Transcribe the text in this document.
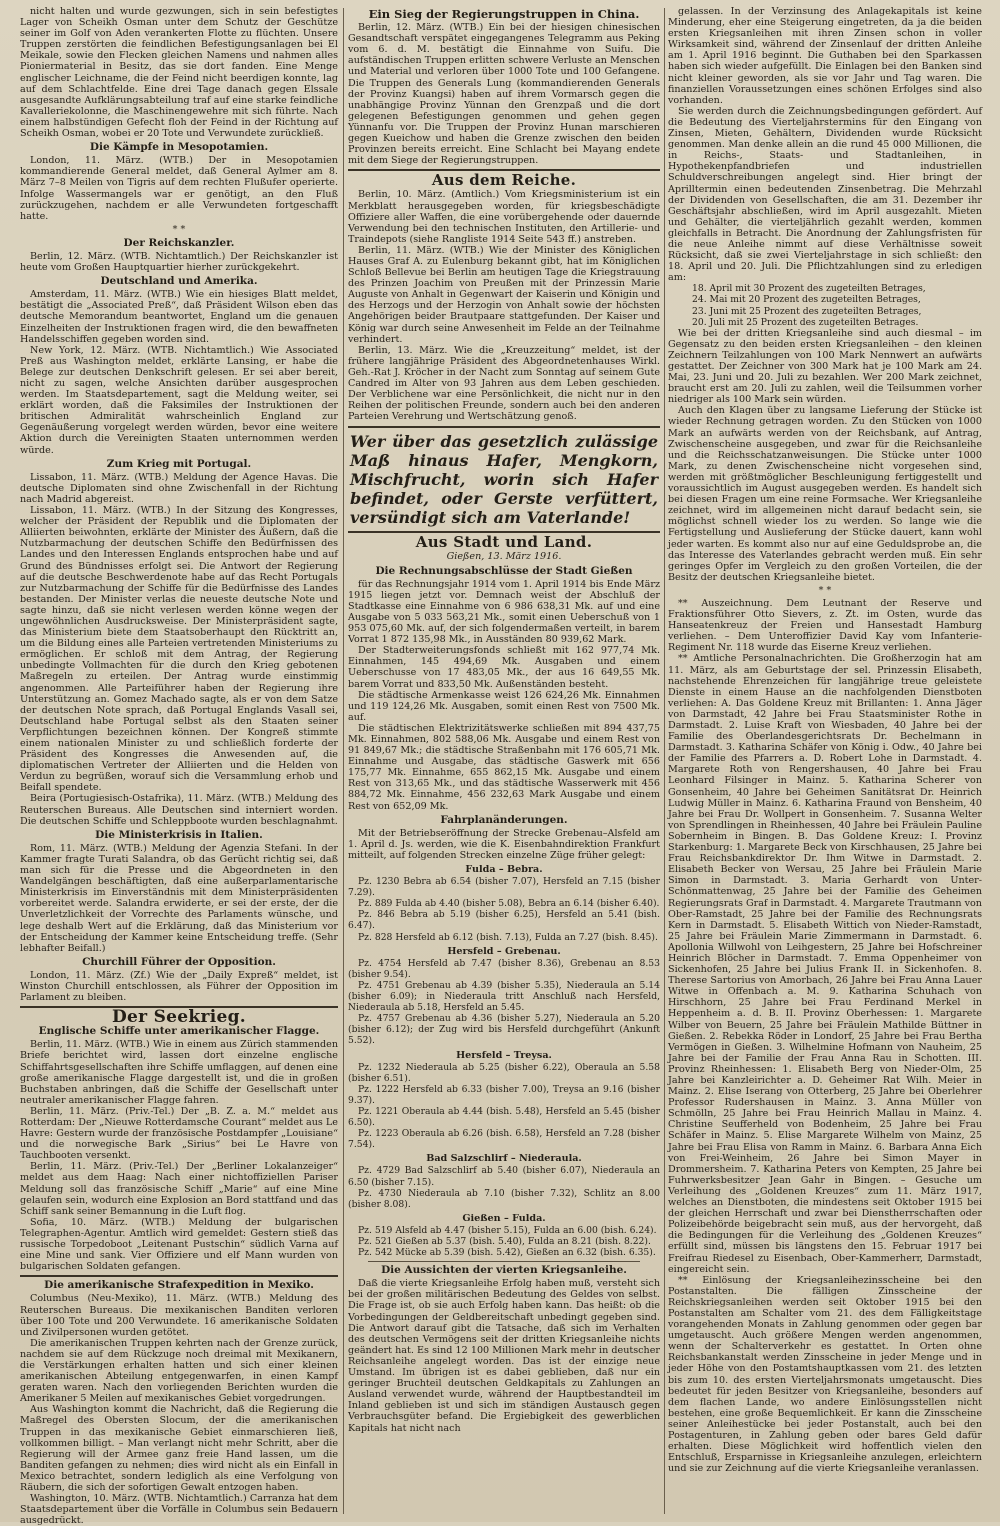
nicht halten und wurde gezwungen, sich in sein befestigtes Lager von Scheikh Osman unter dem Schutz der Geschütze seiner im Golf von Aden verankerten Flotte zu flüchten. Unsere Truppen zerstörten die feindlichen Befestigungsanlagen bei El Meikale, sowie den Flecken gleichen Namens und nahmen alles Pioniermaterial in Besitz, das sie dort fanden. Eine Menge englischer Leichname, die der Feind nicht beerdigen konnte, lag auf dem Schlachtfelde. Eine drei Tage danach gegen Elssale ausgesandte Aufklärungsabteilung traf auf eine starke feindliche Kavalleriekolonne, die Maschinengewehre mit sich führte. Nach einem halbstündigen Gefecht floh der Feind in der Richtung auf Scheikh Osman, wobei er 20 Tote und Verwundete zurückließ.

Die Kämpfe in Mesopotamien.

London, 11. März. (WTB.) Der in Mesopotamien kommandierende General meldet, daß General Aylmer am 8. März 7–8 Meilen von Tigris auf dem rechten Flußufer operierte. Infolge Wassermangels war er genötigt, an den Fluß zurückzugehen, nachdem er alle Verwundeten fortgeschafft hatte.

* *
Der Reichskanzler.

Berlin, 12. März. (WTB. Nichtamtlich.) Der Reichskanzler ist heute vom Großen Hauptquartier hierher zurückgekehrt.

Deutschland und Amerika.

Amsterdam, 11. März. (WTB.) Wie ein hiesiges Blatt meldet, bestätigt die „Associated Preß“, daß Präsident Wilson eben das deutsche Memorandum beantwortet, England um die genauen Einzelheiten der Instruktionen fragen wird, die den bewaffneten Handelsschiffen gegeben worden sind.

New York, 12. März. (WTB. Nichtamtlich.) Wie Associated Preß aus Washington meldet, erklärte Lansing, er habe die Belege zur deutschen Denkschrift gelesen. Er sei aber bereit, nicht zu sagen, welche Ansichten darüber ausgesprochen werden. Im Staatsdepartement, sagt die Meldung weiter, sei erklärt worden, daß die Faksimiles der Instruktionen der britischen Admiralität wahrscheinlich England zur Gegenäußerung vorgelegt werden würden, bevor eine weitere Aktion durch die Vereinigten Staaten unternommen werden würde.

Zum Krieg mit Portugal.

Lissabon, 11. März. (WTB.) Meldung der Agence Havas. Die deutsche Diplomaten sind ohne Zwischenfall in der Richtung nach Madrid abgereist.

Lissabon, 11. März. (WTB.) In der Sitzung des Kongresses, welcher der Präsident der Republik und die Diplomaten der Alliierten beiwohnten, erklärte der Minister des Äußern, daß die Nutzbarmachung der deutschen Schiffe den Bedürfnissen des Landes und den Interessen Englands entsprochen habe und auf Grund des Bündnisses erfolgt sei. Die Antwort der Regierung auf die deutsche Beschwerdenote habe auf das Recht Portugals zur Nutzbarmachung der Schiffe für die Bedürfnisse des Landes bestanden. Der Minister verlas die neueste deutsche Note und sagte hinzu, daß sie nicht verlesen werden könne wegen der ungewöhnlichen Ausdrucksweise. Der Ministerpräsident sagte, das Ministerium biete dem Staatsoberhaupt den Rücktritt an, um die Bildung eines alle Parteien vertretenden Ministeriums zu ermöglichen. Er schloß mit dem Antrag, der Regierung unbedingte Vollmachten für die durch den Krieg gebotenen Maßregeln zu erteilen. Der Antrag wurde einstimmig angenommen. Alle Parteiführer haben der Regierung ihre Unterstützung an. Gomez Machado sagte, als er von dem Satze der deutschen Note sprach, daß Portugal Englands Vasall sei, Deutschland habe Portugal selbst als den Staaten seiner Verpflichtungen bezeichnen können. Der Kongreß stimmte einem nationalen Minister zu und schließlich forderte der Präsident des Kongresses die Anwesenden auf, die diplomatischen Vertreter der Alliierten und die Helden von Verdun zu begrüßen, worauf sich die Versammlung erhob und Beifall spendete.

Beira (Portugiesisch-Ostafrika), 11. März. (WTB.) Meldung des Reuterschen Bureaus. Alle Deutschen sind interniert worden. Die deutschen Schiffe und Schleppboote wurden beschlagnahmt.

Die Ministerkrisis in Italien.

Rom, 11. März. (WTB.) Meldung der Agenzia Stefani. In der Kammer fragte Turati Salandra, ob das Gerücht richtig sei, daß man sich für die Presse und die Abgeordneten in den Wandelgängen beschäftigten, daß eine außerparlamentarische Ministerkrisis im Einverständnis mit dem Ministerpräsidenten vorbereitet werde. Salandra erwiderte, er sei der erste, der die Unverletzlichkeit der Vorrechte des Parlaments wünsche, und lege deshalb Wert auf die Erklärung, daß das Ministerium vor der Entscheidung der Kammer keine Entscheidung treffe. (Sehr lebhafter Beifall.)

Churchill Führer der Opposition.

London, 11. März. (Zf.) Wie der „Daily Expreß“ meldet, ist Winston Churchill entschlossen, als Führer der Opposition im Parlament zu bleiben.

Der Seekrieg.
Englische Schiffe unter amerikanischer Flagge.

Berlin, 11. März. (WTB.) Wie in einem aus Zürich stammenden Briefe berichtet wird, lassen dort einzelne englische Schiffahrtsgesellschaften ihre Schiffe umflaggen, auf denen eine große amerikanische Flagge dargestellt ist, und die in großen Buchstaben anbringen, daß die Schiffe der Gesellschaft unter neutraler amerikanischer Flagge fahren.

Berlin, 11. März. (Priv.-Tel.) Der „B. Z. a. M.“ meldet aus Rotterdam: Der „Nieuwe Rotterdamsche Courant“ meldet aus Le Havre: Gestern wurde der französische Postdampfer „Louisiane“ und die norwegische Bark „Sirius“ bei Le Havre von Tauchbooten versenkt.

Berlin, 11. März. (Priv.-Tel.) Der „Berliner Lokalanzeiger“ meldet aus dem Haag: Nach einer nichtoffiziellen Pariser Meldung soll das französische Schiff „Marie“ auf eine Mine gelaufen sein, wodurch eine Explosion an Bord stattfand und das Schiff sank seiner Bemannung in die Luft flog.

Sofia, 10. März. (WTB.) Meldung der bulgarischen Telegraphen-Agentur. Amtlich wird gemeldet: Gestern stieß das russische Torpedoboot „Leitenant Pustschin“ südlich Varna auf eine Mine und sank. Vier Offiziere und elf Mann wurden von bulgarischen Soldaten gefangen.

Die amerikanische Strafexpedition in Mexiko.

Columbus (Neu-Mexiko), 11. März. (WTB.) Meldung des Reuterschen Bureaus. Die mexikanischen Banditen verloren über 100 Tote und 200 Verwundete. 16 amerikanische Soldaten und Zivilpersonen wurden getötet.

Die amerikanischen Truppen kehrten nach der Grenze zurück, nachdem sie auf dem Rückzuge noch dreimal mit Mexikanern, die Verstärkungen erhalten hatten und sich einer kleinen amerikanischen Abteilung entgegenwarfen, in einen Kampf geraten waren. Nach den vorliegenden Berichten wurden die Amerikaner 5 Meilen auf mexikanisches Gebiet vorgedrungen.

Aus Washington kommt die Nachricht, daß die Regierung die Maßregel des Obersten Slocum, der die amerikanischen Truppen in das mexikanische Gebiet einmarschieren ließ, vollkommen billigt. – Man verlangt nicht mehr Schritt, aber die Regierung will der Armee ganz freie Hand lassen, um die Banditen gefangen zu nehmen; dies wird nicht als ein Einfall in Mexico betrachtet, sondern lediglich als eine Verfolgung von Räubern, die sich der sofortigen Gewalt entzogen haben.

Washington, 10. März. (WTB. Nichtamtlich.) Carranza hat dem Staatsdepartement über die Vorfälle in Columbus sein Bedauern ausgedrückt.

Ein Sieg der Regierungstruppen in China.

Berlin, 12. März. (WTB.) Ein bei der hiesigen chinesischen Gesandtschaft verspätet eingegangenes Telegramm aus Peking vom 6. d. M. bestätigt die Einnahme von Suifu. Die aufständischen Truppen erlitten schwere Verluste an Menschen und Material und verloren über 1000 Tote und 100 Gefangene. Die Truppen des Generals Lung (kommandierenden Generals der Provinz Kuangsi) haben auf ihrem Vormarsch gegen die unabhängige Provinz Yünnan den Grenzpaß und die dort gelegenen Befestigungen genommen und gehen gegen Yünnanfu vor. Die Truppen der Provinz Hunan marschieren gegen Kueichow und haben die Grenze zwischen den beiden Provinzen bereits erreicht. Eine Schlacht bei Mayang endete mit dem Siege der Regierungstruppen.

Aus dem Reiche.

Berlin, 10. März. (Amtlich.) Vom Kriegsministerium ist ein Merkblatt herausgegeben worden, für kriegsbeschädigte Offiziere aller Waffen, die eine vorübergehende oder dauernde Verwendung bei den technischen Instituten, den Artillerie- und Traindepots (siehe Rangliste 1914 Seite 543 ff.) anstreben.

Berlin, 11. März. (WTB.) Wie der Minister des Königlichen Hauses Graf A. zu Eulenburg bekannt gibt, hat im Königlichen Schloß Bellevue bei Berlin am heutigen Tage die Kriegstrauung des Prinzen Joachim von Preußen mit der Prinzessin Marie Auguste von Anhalt in Gegenwart der Kaiserin und Königin und des Herzogs und der Herzogin von Anhalt sowie der höchsten Angehörigen beider Brautpaare stattgefunden. Der Kaiser und König war durch seine Anwesenheit im Felde an der Teilnahme verhindert.

Berlin, 13. März. Wie die „Kreuzzeitung“ meldet, ist der frühere langjährige Präsident des Abgeordnetenhauses Wirkl. Geh.-Rat J. Kröcher in der Nacht zum Sonntag auf seinem Gute Candred im Alter von 93 Jahren aus dem Leben geschieden. Der Verblichene war eine Persönlichkeit, die nicht nur in den Reihen der politischen Freunde, sondern auch bei den anderen Parteien Verehrung und Wertschätzung genoß.

Wer über das gesetzlich zulässige Maß hinaus Hafer, Mengkorn, Mischfrucht, worin sich Hafer befindet, oder Gerste verfüttert, versündigt sich am Vaterlande!
Aus Stadt und Land.
Gießen, 13. März 1916.
Die Rechnungsabschlüsse der Stadt Gießen

für das Rechnungsjahr 1914 vom 1. April 1914 bis Ende März 1915 liegen jetzt vor. Demnach weist der Abschluß der Stadtkasse eine Einnahme von 6 986 638,31 Mk. auf und eine Ausgabe von 5 033 563,21 Mk., somit einen Ueberschuß von 1 953 075,60 Mk. auf, der sich folgendermaßen verteilt, in barem Vorrat 1 872 135,98 Mk., in Ausständen 80 939,62 Mark.

Der Stadterweiterungsfonds schließt mit 162 977,74 Mk. Einnahmen, 145 494,69 Mk. Ausgaben und einem Ueberschusse von 17 483,05 Mk., der aus 16 649,55 Mk. barem Vorrat und 833,50 Mk. Außenständen besteht.

Die städtische Armenkasse weist 126 624,26 Mk. Einnahmen und 119 124,26 Mk. Ausgaben, somit einen Rest von 7500 Mk. auf.

Die städtischen Elektrizitätswerke schließen mit 894 437,75 Mk. Einnahmen, 802 588,06 Mk. Ausgabe und einem Rest von 91 849,67 Mk.; die städtische Straßenbahn mit 176 605,71 Mk. Einnahme und Ausgabe, das städtische Gaswerk mit 656 175,77 Mk. Einnahme, 655 862,15 Mk. Ausgabe und einem Rest von 313,65 Mk., und das städtische Wasserwerk mit 456 884,72 Mk. Einnahme, 456 232,63 Mark Ausgabe und einem Rest von 652,09 Mk.

Fahrplanänderungen.

Mit der Betriebseröffnung der Strecke Grebenau–Alsfeld am 1. April d. Js. werden, wie die K. Eisenbahndirektion Frankfurt mitteilt, auf folgenden Strecken einzelne Züge früher gelegt:

Fulda – Bebra.

Pz. 1230 Bebra ab 6.54 (bisher 7.07), Hersfeld an 7.15 (bisher 7.29).

Pz. 889 Fulda ab 4.40 (bisher 5.08), Bebra an 6.14 (bisher 6.40).

Pz. 846 Bebra ab 5.19 (bisher 6.25), Hersfeld an 5.41 (bish. 6.47).

Pz. 828 Hersfeld ab 6.12 (bish. 7.13), Fulda an 7.27 (bish. 8.45).

Hersfeld – Grebenau.

Pz. 4754 Hersfeld ab 7.47 (bisher 8.36), Grebenau an 8.53 (bisher 9.54).

Pz. 4751 Grebenau ab 4.39 (bisher 5.35), Niederaula an 5.14 (bisher 6.09); in Niederaula tritt Anschluß nach Hersfeld, Niederaula ab 5.18, Hersfeld an 5.45.

Pz. 4757 Grebenau ab 4.36 (bisher 5.27), Niederaula an 5.20 (bisher 6.12); der Zug wird bis Hersfeld durchgeführt (Ankunft 5.52).

Hersfeld – Treysa.

Pz. 1232 Niederaula ab 5.25 (bisher 6.22), Oberaula an 5.58 (bisher 6.51).

Pz. 1222 Hersfeld ab 6.33 (bisher 7.00), Treysa an 9.16 (bisher 9.37).

Pz. 1221 Oberaula ab 4.44 (bish. 5.48), Hersfeld an 5.45 (bisher 6.50).

Pz. 1223 Oberaula ab 6.26 (bish. 6.58), Hersfeld an 7.28 (bisher 7.54).

Bad Salzschlirf – Niederaula.

Pz. 4729 Bad Salzschlirf ab 5.40 (bisher 6.07), Niederaula an 6.50 (bisher 7.15).

Pz. 4730 Niederaula ab 7.10 (bisher 7.32), Schlitz an 8.00 (bisher 8.08).

Gießen – Fulda.

Pz. 519 Alsfeld ab 4.47 (bisher 5.15), Fulda an 6.00 (bish. 6.24).

Pz. 521 Gießen ab 5.37 (bish. 5.40), Fulda an 8.21 (bish. 8.22).

Pz. 542 Mücke ab 5.39 (bish. 5.42), Gießen an 6.32 (bish. 6.35).

Die Aussichten der vierten Kriegsanleihe.

Daß die vierte Kriegsanleihe Erfolg haben muß, versteht sich bei der großen militärischen Bedeutung des Geldes von selbst. Die Frage ist, ob sie auch Erfolg haben kann. Das heißt: ob die Vorbedingungen der Geldbereitschaft unbedingt gegeben sind. Die Antwort darauf gibt die Tatsache, daß sich im Verhalten des deutschen Vermögens seit der dritten Kriegsanleihe nichts geändert hat. Es sind 12 100 Millionen Mark mehr in deutscher Reichsanleihe angelegt worden. Das ist der einzige neue Umstand. Im übrigen ist es dabei geblieben, daß nur ein geringer Bruchteil deutschen Geldkapitals zu Zahlungen an Ausland verwendet wurde, während der Hauptbestandteil im Inland geblieben ist und sich im ständigen Austausch gegen Verbrauchsgüter befand. Die Ergiebigkeit des gewerblichen Kapitals hat nicht nach

gelassen. In der Verzinsung des Anlagekapitals ist keine Minderung, eher eine Steigerung eingetreten, da ja die beiden ersten Kriegsanleihen mit ihren Zinsen schon in voller Wirksamkeit sind, während der Zinsenlauf der dritten Anleihe am 1. April 1916 beginnt. Die Guthaben bei den Sparkassen haben sich wieder aufgefüllt. Die Einlagen bei den Banken sind nicht kleiner geworden, als sie vor Jahr und Tag waren. Die finanziellen Voraussetzungen eines schönen Erfolges sind also vorhanden.

Sie werden durch die Zeichnungsbedingungen gefördert. Auf die Bedeutung des Vierteljahrstermins für den Eingang von Zinsen, Mieten, Gehältern, Dividenden wurde Rücksicht genommen. Man denke allein an die rund 45 000 Millionen, die in Reichs-, Staats- und Stadtanleihen, in Hypothekenpfandbriefen und industriellen Schuldverschreibungen angelegt sind. Hier bringt der Aprilltermin einen bedeutenden Zinsenbetrag. Die Mehrzahl der Dividenden von Gesellschaften, die am 31. Dezember ihr Geschäftsjahr abschließen, wird im April ausgezahlt. Mieten und Gehälter, die vierteljährlich gezahlt werden, kommen gleichfalls in Betracht. Die Anordnung der Zahlungsfristen für die neue Anleihe nimmt auf diese Verhältnisse soweit Rücksicht, daß sie zwei Vierteljahrstage in sich schließt: den 18. April und 20. Juli. Die Pflichtzahlungen sind zu erledigen am:

18. April mit 30 Prozent des zugeteilten Betrages,

24. Mai mit 20 Prozent des zugeteilten Betrages,

23. Juni mit 25 Prozent des zugeteilten Betrages,

20. Juli mit 25 Prozent des zugeteilten Betrages.

Wie bei der dritten Kriegsanleihe sind auch diesmal – im Gegensatz zu den beiden ersten Kriegsanleihen – den kleinen Zeichnern Teilzahlungen von 100 Mark Nennwert an aufwärts gestattet. Der Zeichner von 300 Mark hat je 100 Mark am 24. Mai, 23. Juni und 20. Juli zu bezahlen. Wer 200 Mark zeichnet, braucht erst am 20. Juli zu zahlen, weil die Teilsummen vorher niedriger als 100 Mark sein würden.

Auch den Klagen über zu langsame Lieferung der Stücke ist wieder Rechnung getragen worden. Zu den Stücken von 1000 Mark an aufwärts werden von der Reichsbank, auf Antrag, Zwischenscheine ausgegeben, und zwar für die Reichsanleihe und die Reichsschatzanweisungen. Die Stücke unter 1000 Mark, zu denen Zwischenscheine nicht vorgesehen sind, werden mit größtmöglicher Beschleunigung fertiggestellt und voraussichtlich im August ausgegeben werden. Es handelt sich bei diesen Fragen um eine reine Formsache. Wer Kriegsanleihe zeichnet, wird im allgemeinen nicht darauf bedacht sein, sie möglichst schnell wieder los zu werden. So lange wie die Fertigstellung und Auslieferung der Stücke dauert, kann wohl jeder warten. Es kommt also nur auf eine Geduldsprobe an, die das Interesse des Vaterlandes gebracht werden muß. Ein sehr geringes Opfer im Vergleich zu den großen Vorteilen, die der Besitz der deutschen Kriegsanleihe bietet.

* *

** Auszeichnung. Dem Leutnant der Reserve und Fraktionsführer Otto Sievers, z. Zt. im Osten, wurde das Hanseatenkreuz der Freien und Hansestadt Hamburg verliehen. – Dem Unteroffizier David Kay vom Infanterie-Regiment Nr. 118 wurde das Eiserne Kreuz verliehen.

** Amtliche Personalnachrichten. Die Großherzogin hat am 11. März, als am Geburtstage der sel. Prinzessin Elisabeth, nachstehende Ehrenzeichen für langjährige treue geleistete Dienste in einem Hause an die nachfolgenden Dienstboten verliehen: A. Das Goldene Kreuz mit Brillanten: 1. Anna Jäger von Darmstadt, 42 Jahre bei Frau Staatsminister Rothe in Darmstadt. 2. Luise Kraft von Wiesbaden, 40 Jahre bei der Familie des Oberlandesgerichtsrats Dr. Bechelmann in Darmstadt. 3. Katharina Schäfer von König i. Odw., 40 Jahre bei der Familie des Pfarrers a. D. Robert Lohe in Darmstadt. 4. Margarete Roth von Rengershausen, 40 Jahre bei Frau Leonhard Filsinger in Mainz. 5. Katharina Scherer von Gonsenheim, 40 Jahre bei Geheimen Sanitätsrat Dr. Heinrich Ludwig Müller in Mainz. 6. Katharina Fraund von Bensheim, 40 Jahre bei Frau Dr. Wollpert in Gonsenheim. 7. Susanna Welter von Sprendlingen in Rheinhessen, 40 Jahre bei Fräulein Pauline Sobernheim in Bingen. B. Das Goldene Kreuz: I. Provinz Starkenburg: 1. Margarete Beck von Kirschhausen, 25 Jahre bei Frau Reichsbankdirektor Dr. Ihm Witwe in Darmstadt. 2. Elisabeth Becker von Wersau, 25 Jahre bei Fräulein Marie Simon in Darmstadt. 3. Maria Gerhardt von Unter-Schönmattenwag, 25 Jahre bei der Familie des Geheimen Regierungsrats Graf in Darmstadt. 4. Margarete Trautmann von Ober-Ramstadt, 25 Jahre bei der Familie des Rechnungsrats Kern in Darmstadt. 5. Elisabeth Wittich von Nieder-Ramstadt, 25 Jahre bei Fräulein Marie Zimmermann in Darmstadt. 6. Apollonia Willwohl von Leihgestern, 25 Jahre bei Hofschreiner Heinrich Blöcher in Darmstadt. 7. Emma Oppenheimer von Sickenhofen, 25 Jahre bei Julius Frank II. in Sickenhofen. 8. Therese Sartorius von Amorbach, 26 Jahre bei Frau Anna Lauer Witwe in Offenbach a. M. 9. Katharina Schuhach von Hirschhorn, 25 Jahre bei Frau Ferdinand Merkel in Heppenheim a. d. B. II. Provinz Oberhessen: 1. Margarete Wilber von Beuern, 25 Jahre bei Fräulein Mathilde Büttner in Gießen. 2. Rebekka Röder in Londorf, 25 Jahre bei Frau Bertha Vermögen in Gießen. 3. Wilhelmine Hofmann von Nauheim, 25 Jahre bei der Familie der Frau Anna Rau in Schotten. III. Provinz Rheinhessen: 1. Elisabeth Berg von Nieder-Olm, 25 Jahre bei Kanzleirichter a. D. Geheimer Rat Wilh. Meier in Mainz. 2. Elise Iserang von Otterberg, 25 Jahre bei Oberlehrer Professor Rudershausen in Mainz. 3. Anna Müller von Schmölln, 25 Jahre bei Frau Heinrich Mallau in Mainz. 4. Christine Seufferheld von Bodenheim, 25 Jahre bei Frau Schäfer in Mainz. 5. Elise Margarete Wilhelm von Mainz, 25 Jahre bei Frau Elisa von Ramm in Mainz. 6. Barbara Anna Eich von Frei-Weinheim, 26 Jahre bei Simon Mayer in Drommersheim. 7. Katharina Peters von Kempten, 25 Jahre bei Fuhrwerksbesitzer Jean Gahr in Bingen. – Gesuche um Verleihung des „Goldenen Kreuzes“ zum 11. März 1917, welches an Dienstboten, die mindestens seit Oktober 1915 bei der gleichen Herrschaft und zwar bei Dienstherrschaften oder Polizeibehörde beigebracht sein muß, aus der hervorgeht, daß die Bedingungen für die Verleihung des „Goldenen Kreuzes“ erfüllt sind, müssen bis längstens den 15. Februar 1917 bei Freifrau Riedesel zu Eisenbach, Ober-Kammerherr, Darmstadt, eingereicht sein.

** Einlösung der Kriegsanleihezinsscheine bei den Postanstalten. Die fälligen Zinsscheine der Reichskriegsanleihen werden seit Oktober 1915 bei den Postanstalten am Schalter vom 21. des dem Fälligkeitstage vorangehenden Monats in Zahlung genommen oder gegen bar umgetauscht. Auch größere Mengen werden angenommen, wenn der Schalterverkehr es gestattet. In Orten ohne Reichsbankanstalt werden Zinsscheine in jeder Menge und in jeder Höhe von den Postamtshauptkassen vom 21. des letzten bis zum 10. des ersten Vierteljahrsmonats umgetauscht. Dies bedeutet für jeden Besitzer von Kriegsanleihe, besonders auf dem flachen Lande, wo andere Einlösungsstellen nicht bestehen, eine große Bequemlichkeit. Er kann die Zinsscheine seiner Anleihestücke bei jeder Postanstalt, auch bei den Postagenturen, in Zahlung geben oder bares Geld dafür erhalten. Diese Möglichkeit wird hoffentlich vielen den Entschluß, Ersparnisse in Kriegsanleihe anzulegen, erleichtern und sie zur Zeichnung auf die vierte Kriegsanleihe veranlassen.
